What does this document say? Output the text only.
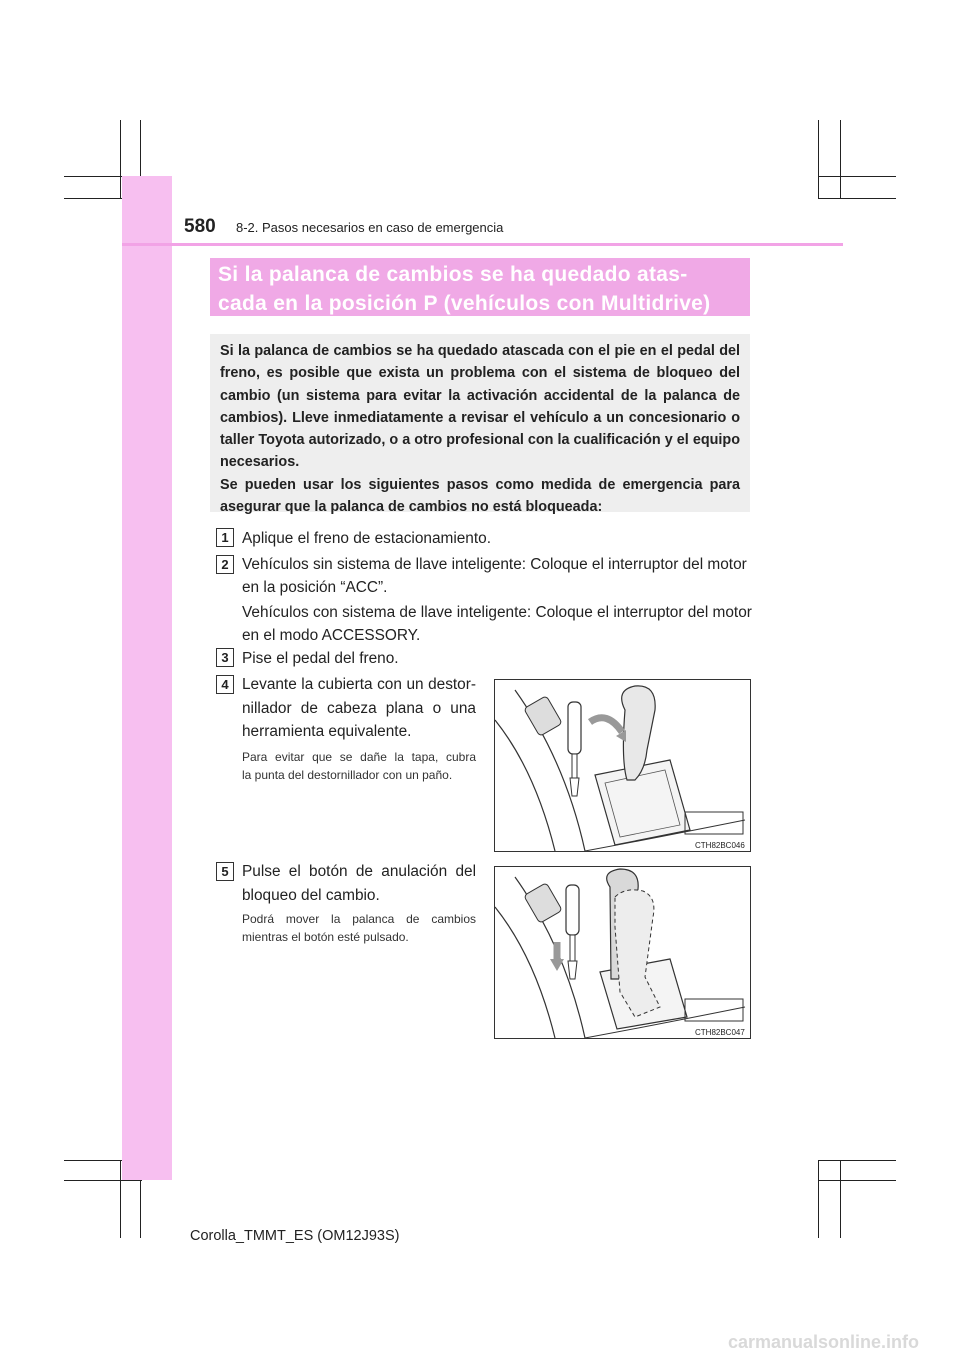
580 8-2. Pasos necesarios en caso de emergencia
Si la palanca de cambios se ha quedado atas-
cada en la posición P (vehículos con Multidrive)

Si la palanca de cambios se ha quedado atascada con el pie en el pedal del freno, es posible que exista un problema con el sistema de bloqueo del cambio (un sistema para evitar la activación accidental de la palanca de cambios). Lleve inmediatamente a revisar el vehículo a un concesionario o taller Toyota autorizado, o a otro profesional con la cualificación y el equipo necesarios.

Se pueden usar los siguientes pasos como medida de emergencia para asegurar que la palanca de cambios no está bloqueada:

1 Aplique el freno de estacionamiento.
2 Vehículos sin sistema de llave inteligente: Coloque el interruptor del motor
en la posición “ACC”.
Vehículos con sistema de llave inteligente: Coloque el interruptor del motor
en el modo ACCESSORY.
3 Pise el pedal del freno.
4 Levante la cubierta con un destor-
nillador de cabeza plana o una
herramienta equivalente.
Para evitar que se dañe la tapa, cubra
la punta del destornillador con un paño.
CTH82BC046
5 Pulse el botón de anulación del
bloqueo del cambio.
Podrá mover la palanca de cambios
mientras el botón esté pulsado.
CTH82BC047
Corolla_TMMT_ES (OM12J93S)
carmanualsonline.info
